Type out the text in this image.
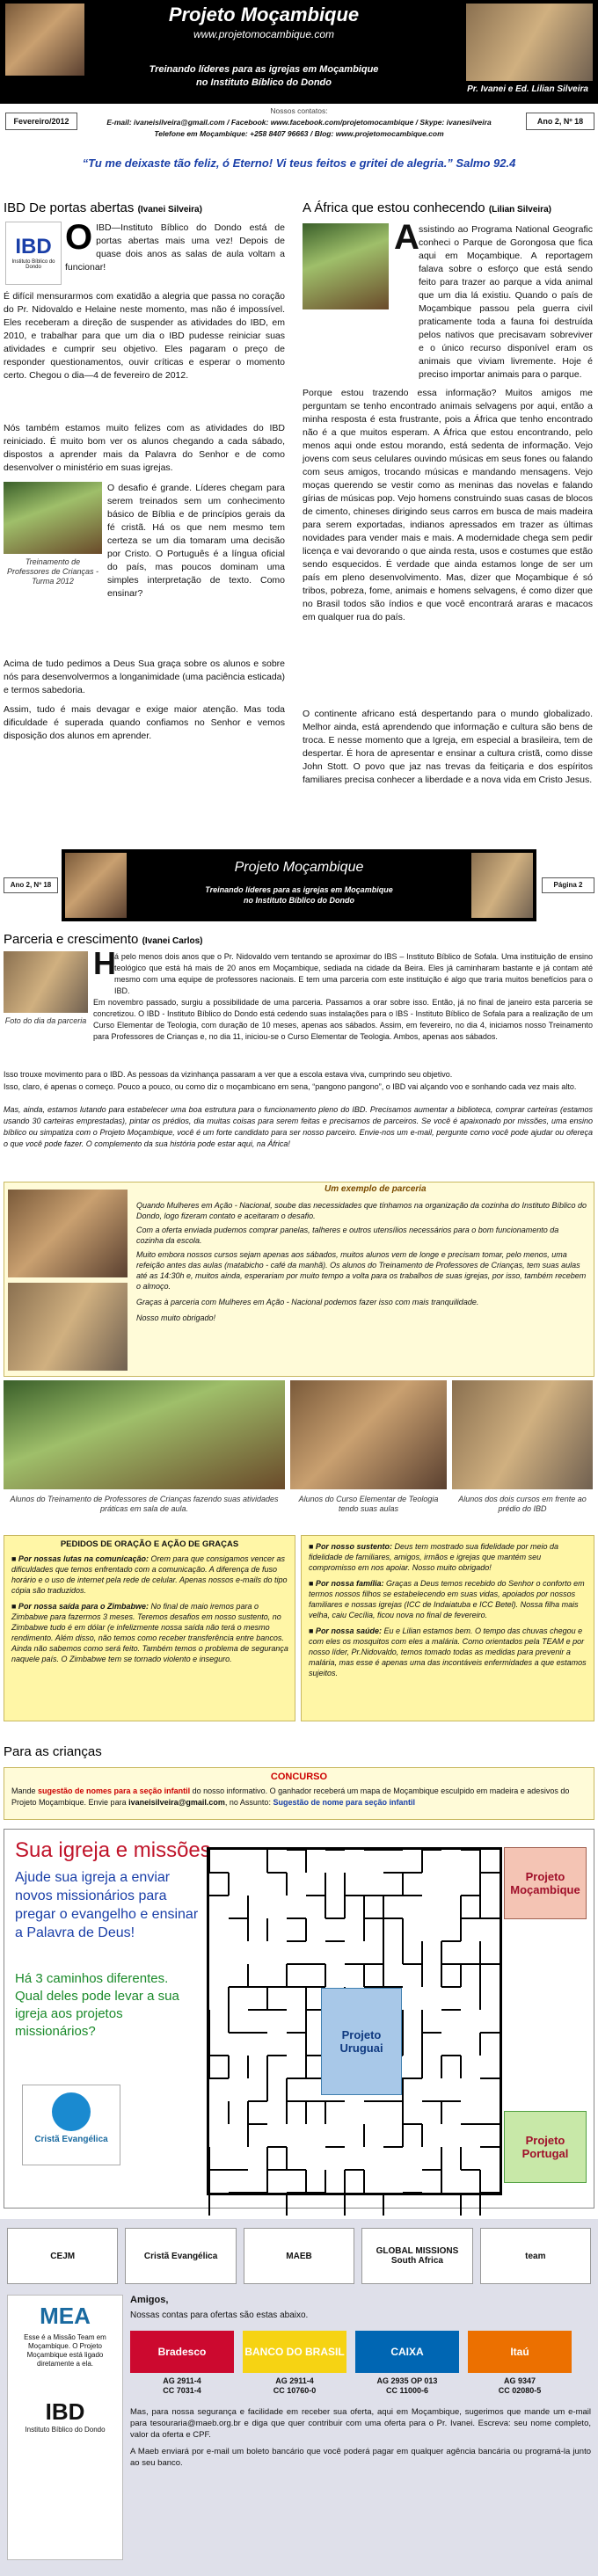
Projeto Moçambique
www.projetomocambique.com
Treinando líderes para as igrejas em Moçambique
no Instituto Bíblico do Dondo
Pr. Ivanei e Ed. Lilian Silveira
Fevereiro/2012	Ano 2, Nº 18
Nossos contatos:
E-mail: ivaneisilveira@gmail.com / Facebook: www.facebook.com/projetomocambique / Skype: ivanesilveira
Telefone em Moçambique: +258 8407 96663 / Blog: www.projetomocambique.com
“Tu me deixaste tão feliz, ó Eterno! Vi teus feitos e gritei de alegria.” Salmo 92.4
IBD De portas abertas (Ivanei Silveira)
IBD
Instituto Bíblico do Dondo
OIBD—Instituto Bíblico do Dondo está de portas abertas mais uma vez! Depois de quase dois anos as salas de aula voltam a funcionar!
É difícil mensurarmos com exatidão a alegria que passa no coração do Pr. Nidovaldo e Helaine neste momento, mas não é impossível. Eles receberam a direção de suspender as atividades do IBD, em 2010, e trabalhar para que um dia o IBD pudesse reiniciar suas atividades e cumprir seu objetivo. Eles pagaram o preço de responder questionamentos, ouvir críticas e esperar o momento certo. Chegou o dia—4 de fevereiro de 2012.
Nós também estamos muito felizes com as atividades do IBD reiniciado. É muito bom ver os alunos chegando a cada sábado, dispostos a aprender mais da Palavra do Senhor e de como desenvolver o ministério em suas igrejas.
Treinamento de Professores de Crianças - Turma 2012
O desafio é grande. Líderes chegam para serem treinados sem um conhecimento básico de Bíblia e de princípios gerais da fé cristã. Há os que nem mesmo tem certeza se um dia tomaram uma decisão por Cristo. O Português é a língua oficial do país, mas poucos dominam uma simples interpretação de texto. Como ensinar?
Acima de tudo pedimos a Deus Sua graça sobre os alunos e sobre nós para desenvolvermos a longanimidade (uma paciência esticada) e termos sabedoria.
Assim, tudo é mais devagar e exige maior atenção. Mas toda dificuldade é superada quando confiamos no Senhor e vemos disposição dos alunos em aprender.
A África que estou conhecendo (Lilian Silveira)
A ssistindo ao Programa National Geografic conheci o Parque de Gorongosa que fica aqui em Moçambique. A reportagem falava sobre o esforço que está sendo feito para trazer ao parque a vida animal que um dia lá existiu. Quando o país de Moçambique passou pela guerra civil praticamente toda a fauna foi destruída pelos nativos que precisavam sobreviver e o único recurso disponível eram os animais que viviam livremente. Hoje é preciso importar animais para o parque.
Porque estou trazendo essa informação? Muitos amigos me perguntam se tenho encontrado animais selvagens por aqui, então a minha resposta é esta frustrante, pois a África que tenho encontrado não é a que muitos esperam. A África que estou encontrando, pelo menos aqui onde estou morando, está sedenta de informação. Vejo jovens com seus celulares ouvindo músicas em seus fones ou falando com seus amigos, trocando músicas e mandando mensagens. Vejo moças querendo se vestir como as meninas das novelas e falando gírias de músicas pop. Vejo homens construindo suas casas de blocos de cimento, chineses dirigindo seus carros em busca de mais madeira para serem exportadas, indianos apressados em trazer as últimas novidades para vender mais e mais. A modernidade chega sem pedir licença e vai devorando o que ainda resta, usos e costumes que estão sendo esquecidos. É verdade que ainda estamos longe de ser um país em pleno desenvolvimento. Mas, dizer que Moçambique é só tribos, pobreza, fome, animais e homens selvagens, é como dizer que no Brasil todos são índios e que você encontrará araras e macacos em qualquer rua do país.
O continente africano está despertando para o mundo globalizado. Melhor ainda, está aprendendo que informação e cultura são bens de troca. E nesse momento que a Igreja, em especial a brasileira, tem de despertar. É hora de apresentar e ensinar a cultura cristã, como disse John Stott. O povo que jaz nas trevas da feitiçaria e dos espíritos familiares precisa conhecer a liberdade e a nova vida em Cristo Jesus.
Projeto Moçambique
Treinando líderes para as igrejas em Moçambique
no Instituto Bíblico do Dondo
Ano 2, Nº 18	Página 2
Parceria e crescimento (Ivanei Carlos)
Foto do dia da parceria
H
á pelo menos dois anos que o Pr. Nidovaldo vem tentando se aproximar do IBS – Instituto Bíblico de Sofala. Uma instituição de ensino teológico que está há mais de 20 anos em Moçambique, sediada na cidade da Beira. Eles já caminharam bastante e já contam até mesmo com uma equipe de professores nacionais. E tem uma parceria com este instituição é algo que traria muitos benefícios para o IBD.
Em novembro passado, surgiu a possibilidade de uma parceria. Passamos a orar sobre isso. Então, já no final de janeiro esta parceria se concretizou. O IBD - Instituto Bíblico do Dondo está cedendo suas instalações para o IBS - Instituto Bíblico de Sofala para a realização de um Curso Elementar de Teologia, com duração de 10 meses, apenas aos sábados. Assim, em fevereiro, no dia 4, iniciamos nosso Treinamento para Professores de Crianças e, no dia 11, iniciou-se o Curso Elementar de Teologia. Ambos, apenas aos sábados.
Isso trouxe movimento para o IBD. As pessoas da vizinhança passaram a ver que a escola estava viva, cumprindo seu objetivo.
Isso, claro, é apenas o começo. Pouco a pouco, ou como diz o moçambicano em sena, “pangono pangono”, o IBD vai alçando voo e sonhando cada vez mais alto.
Mas, ainda, estamos lutando para estabelecer uma boa estrutura para o funcionamento pleno do IBD. Precisamos aumentar a biblioteca, comprar carteiras (estamos usando 30 carteiras emprestadas), pintar os prédios, dia muitas coisas para serem feitas e precisamos de parceiros. Se você é apaixonado por missões, uma ensino bíblico ou simpatiza com o Projeto Moçambique, você é um forte candidato para ser nosso parceiro. Envie-nos um e-mail, pergunte como você pode ajudar ou ofereça o que você pode fazer. O complemento da sua história pode estar aqui, na África!
Um exemplo de parceria
Quando Mulheres em Ação - Nacional, soube das necessidades que tínhamos na organização da cozinha do Instituto Bíblico do Dondo, logo fizeram contato e aceitaram o desafio.
Com a oferta enviada pudemos comprar panelas, talheres e outros utensílios necessários para o bom funcionamento da cozinha da escola.
Muito embora nossos cursos sejam apenas aos sábados, muitos alunos vem de longe e precisam tomar, pelo menos, uma refeição antes das aulas (matabicho - café da manhã). Os alunos do Treinamento de Professores de Crianças, tem suas aulas até as 14:30h e, muitos ainda, esperariam por muito tempo a volta para os trabalhos de suas igrejas, por isso, também recebem o almoço.
Graças à parceria com Mulheres em Ação - Nacional podemos fazer isso com mais tranquilidade.
Nosso muito obrigado!
Alunos do Treinamento de Professores de Crianças fazendo suas atividades práticas em sala de aula.
Alunos do Curso Elementar de Teologia tendo suas aulas
Alunos dos dois cursos em frente ao prédio do IBD
PEDIDOS DE ORAÇÃO E AÇÃO DE GRAÇAS
■ Por nossas lutas na comunicação: Orem para que consigamos vencer as dificuldades que temos enfrentado com a comunicação. A diferença de fuso horário e o uso de internet pela rede de celular. Apenas nossos e-mails do tipo cópia são traduzidos.
■ Por nossa saída para o Zimbabwe: No final de maio iremos para o Zimbabwe para fazermos 3 meses. Teremos desafios em nosso sustento, no Zimbabwe tudo é em dólar (e infelizmente nossa saída não terá o mesmo rendimento. Além disso, não temos como receber transferência entre bancos. Ainda não sabemos como será feito. Também temos o problema de segurança naquele país. O Zimbabwe tem se tornado violento e inseguro.
■ Por nosso sustento: Deus tem mostrado sua fidelidade por meio da fidelidade de familiares, amigos, irmãos e igrejas que mantém seu compromisso em nos apoiar. Nosso muito obrigado!
■ Por nossa família: Graças a Deus temos recebido do Senhor o conforto em termos nossos filhos se estabelecendo em suas vidas, apoiados por nossos familiares e nossas igrejas (ICC de Indaiatuba e ICC Betel). Nossa filha mais velha, caiu Cecília, ficou nova no final de fevereiro.
■ Por nossa saúde: Eu e Lilian estamos bem. O tempo das chuvas chegou e com eles os mosquitos com eles a malária. Como orientados pela TEAM e por nosso líder, Pr.Nidovaldo, temos tomado todas as medidas para prevenir a malária, mas esse é apenas uma das incontáveis enfermidades a que estamos sujeitos.
Para as crianças
CONCURSO
Mande sugestão de nomes para a seção infantil do nosso informativo. O ganhador receberá um mapa de Moçambique esculpido em madeira e adesivos do Projeto Moçambique. Envie para ivaneisilveira@gmail.com, no Assunto: Sugestão de nome para seção infantil
Sua igreja e missões
Ajude sua igreja a enviar novos missionários para pregar o evangelho e ensinar a Palavra de Deus!
Há 3 caminhos diferentes. Qual deles pode levar a sua igreja aos projetos missionários?
Cristã Evangélica
Projeto Moçambique
Projeto Uruguai
Projeto Portugal
CEJM	Cristã Evangélica	MAEB	GLOBAL MISSIONS South Africa	team
MEA
Esse é a Missão Team em Moçambique. O Projeto Moçambique está ligado diretamente a ela.
IBD
Instituto Bíblico do Dondo
Amigos,
Nossas contas para ofertas são estas abaixo.
Bradesco
AG 2911-4
CC 7031-4
BANCO DO BRASIL
AG 2911-4
CC 10760-0
CAIXA
AG 2935 OP 013
CC 11000-6
Itaú
AG 9347
CC 02080-5
Mas, para nossa segurança e facilidade em receber sua oferta, aqui em Moçambique, sugerimos que mande um e-mail para tesouraria@maeb.org.br e diga que quer contribuir com uma oferta para o Pr. Ivanei. Escreva: seu nome completo, valor da oferta e CPF.
A Maeb enviará por e-mail um boleto bancário que você poderá pagar em qualquer agência bancária ou programá-la junto ao seu banco.
